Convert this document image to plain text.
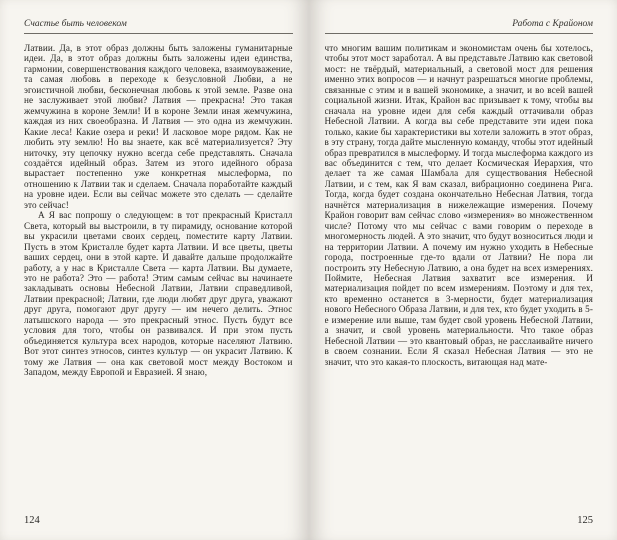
Счастье быть человеком

Латвии. Да, в этот образ должны быть заложены гуманитарные идеи. Да, в этот образ должны быть заложены идеи единства, гармонии, совершенствования каждого человека, взаимоуважение, та самая любовь в переходе к безусловной Любви, а не эгоистичной любви, бесконечная любовь к этой земле. Разве она не заслуживает этой любви? Латвия — прекрасна! Это такая жемчужина в короне Земли! И в короне Земли иная жемчужина, каждая из них своеобразна. И Латвия — это одна из жемчужин. Какие леса! Какие озера и реки! И ласковое море рядом. Как не любить эту землю! Но вы знаете, как всё материализуется? Эту ниточку, эту цепочку нужно всегда себе представлять. Сначала создаётся идейный образ. Затем из этого идейного образа вырастает постепенно уже конкретная мыслеформа, по отношению к Латвии так и сделаем. Сначала поработайте каждый на уровне идеи. Если вы сейчас можете это сделать — сделайте это сейчас!

А Я вас попрошу о следующем: в тот прекрасный Кристалл Света, который вы выстроили, в ту пирамиду, основание которой вы украсили цветами своих сердец, поместите карту Латвии. Пусть в этом Кристалле будет карта Латвии. И все цветы, цветы ваших сердец, они в этой карте. И давайте дальше продолжайте работу, а у нас в Кристалле Света — карта Латвии. Вы думаете, это не работа? Это — работа! Этим самым сейчас вы начинаете закладывать основы Небесной Латвии, Латвии справедливой, Латвии прекрасной; Латвии, где люди любят друг друга, уважают друг друга, помогают друг другу — им нечего делить. Этнос латышского народа — это прекрасный этнос. Пусть будут все условия для того, чтобы он развивался. И при этом пусть объединяется культура всех народов, которые населяют Латвию. Вот этот синтез этносов, синтез культур — он украсит Латвию. К тому же Латвия — она как световой мост между Востоком и Западом, между Европой и Евразией. Я знаю,

124
Работа с Крайоном

что многим вашим политикам и экономистам очень бы хотелось, чтобы этот мост заработал. А вы представьте Латвию как световой мост: не твёрдый, материальный, а световой мост для решения именно этих вопросов — и начнут разрешаться многие проблемы, связанные с этим и в вашей экономике, а значит, и во всей вашей социальной жизни. Итак, Крайон вас призывает к тому, чтобы вы сначала на уровне идеи для себя каждый оттачивали образ Небесной Латвии. А когда вы себе представите эти идеи пока только, какие бы характеристики вы хотели заложить в этот образ, в эту страну, тогда дайте мысленную команду, чтобы этот идейный образ превратился в мыслеформу. И тогда мыслеформа каждого из вас объединится с тем, что делает Космическая Иерархия, что делает та же самая Шамбала для существования Небесной Латвии, и с тем, как Я вам сказал, вибрационно соединена Рига. Тогда, когда будет создана окончательно Небесная Латвия, тогда начнётся материализация в нижележащие измерения. Почему Крайон говорит вам сейчас слово «измерения» во множественном числе? Потому что мы сейчас с вами говорим о переходе в многомерность людей. А это значит, что будут возноситься люди и на территории Латвии. А почему им нужно уходить в Небесные города, построенные где-то вдали от Латвии? Не пора ли построить эту Небесную Латвию, а она будет на всех измерениях. Поймите, Небесная Латвия захватит все измерения. И материализация пойдет по всем измерениям. Поэтому и для тех, кто временно останется в 3-мерности, будет материализация нового Небесного Образа Латвии, и для тех, кто будет уходить в 5-е измерение или выше, там будет свой уровень Небесной Латвии, а значит, и свой уровень материальности. Что такое образ Небесной Латвии — это квантовый образ, не расслаивайте ничего в своем сознании. Если Я сказал Небесная Латвия — это не значит, что это какая-то плоскость, витающая над мате-

125
